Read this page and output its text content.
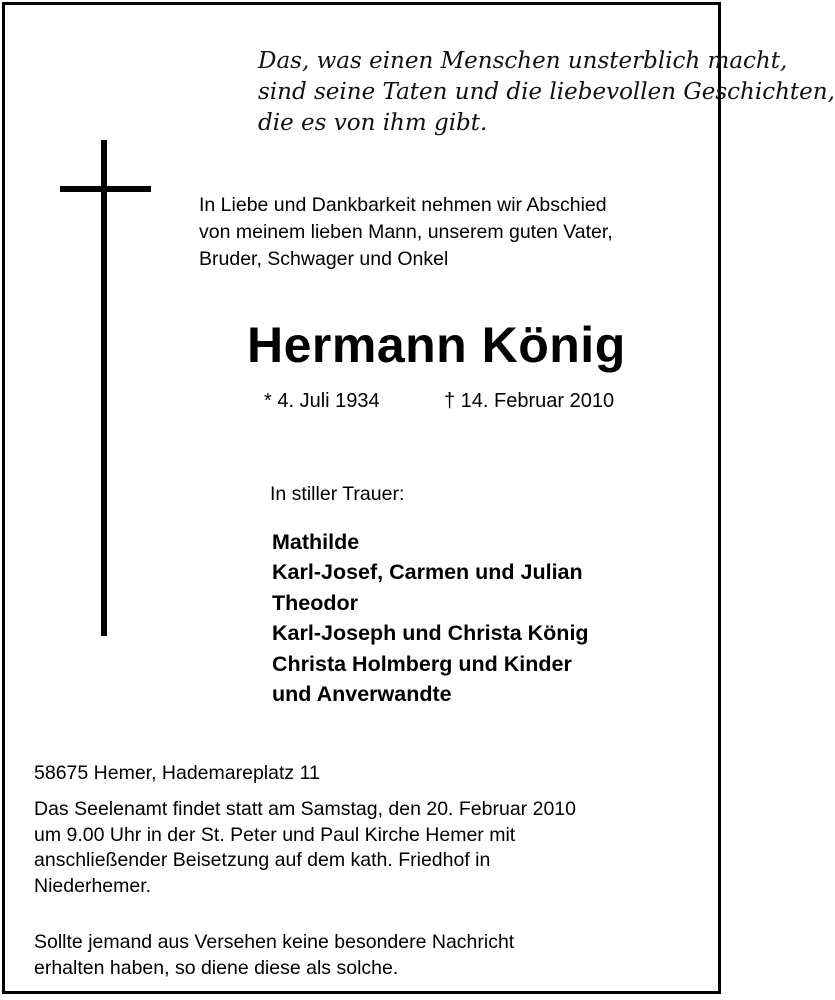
Das, was einen Menschen unsterblich macht,
sind seine Taten und die liebevollen Geschichten,
die es von ihm gibt.
In Liebe und Dankbarkeit nehmen wir Abschied
von meinem lieben Mann, unserem guten Vater,
Bruder, Schwager und Onkel
Hermann König
* 4. Juli 1934	† 14. Februar 2010
In stiller Trauer:
Mathilde
Karl-Josef, Carmen und Julian
Theodor
Karl-Joseph und Christa König
Christa Holmberg und Kinder
und Anverwandte
58675 Hemer, Hademareplatz 11
Das Seelenamt findet statt am Samstag, den 20. Februar 2010
um 9.00 Uhr in der St. Peter und Paul Kirche Hemer mit
anschließender Beisetzung auf dem kath. Friedhof in
Niederhemer.
Sollte jemand aus Versehen keine besondere Nachricht
erhalten haben, so diene diese als solche.
